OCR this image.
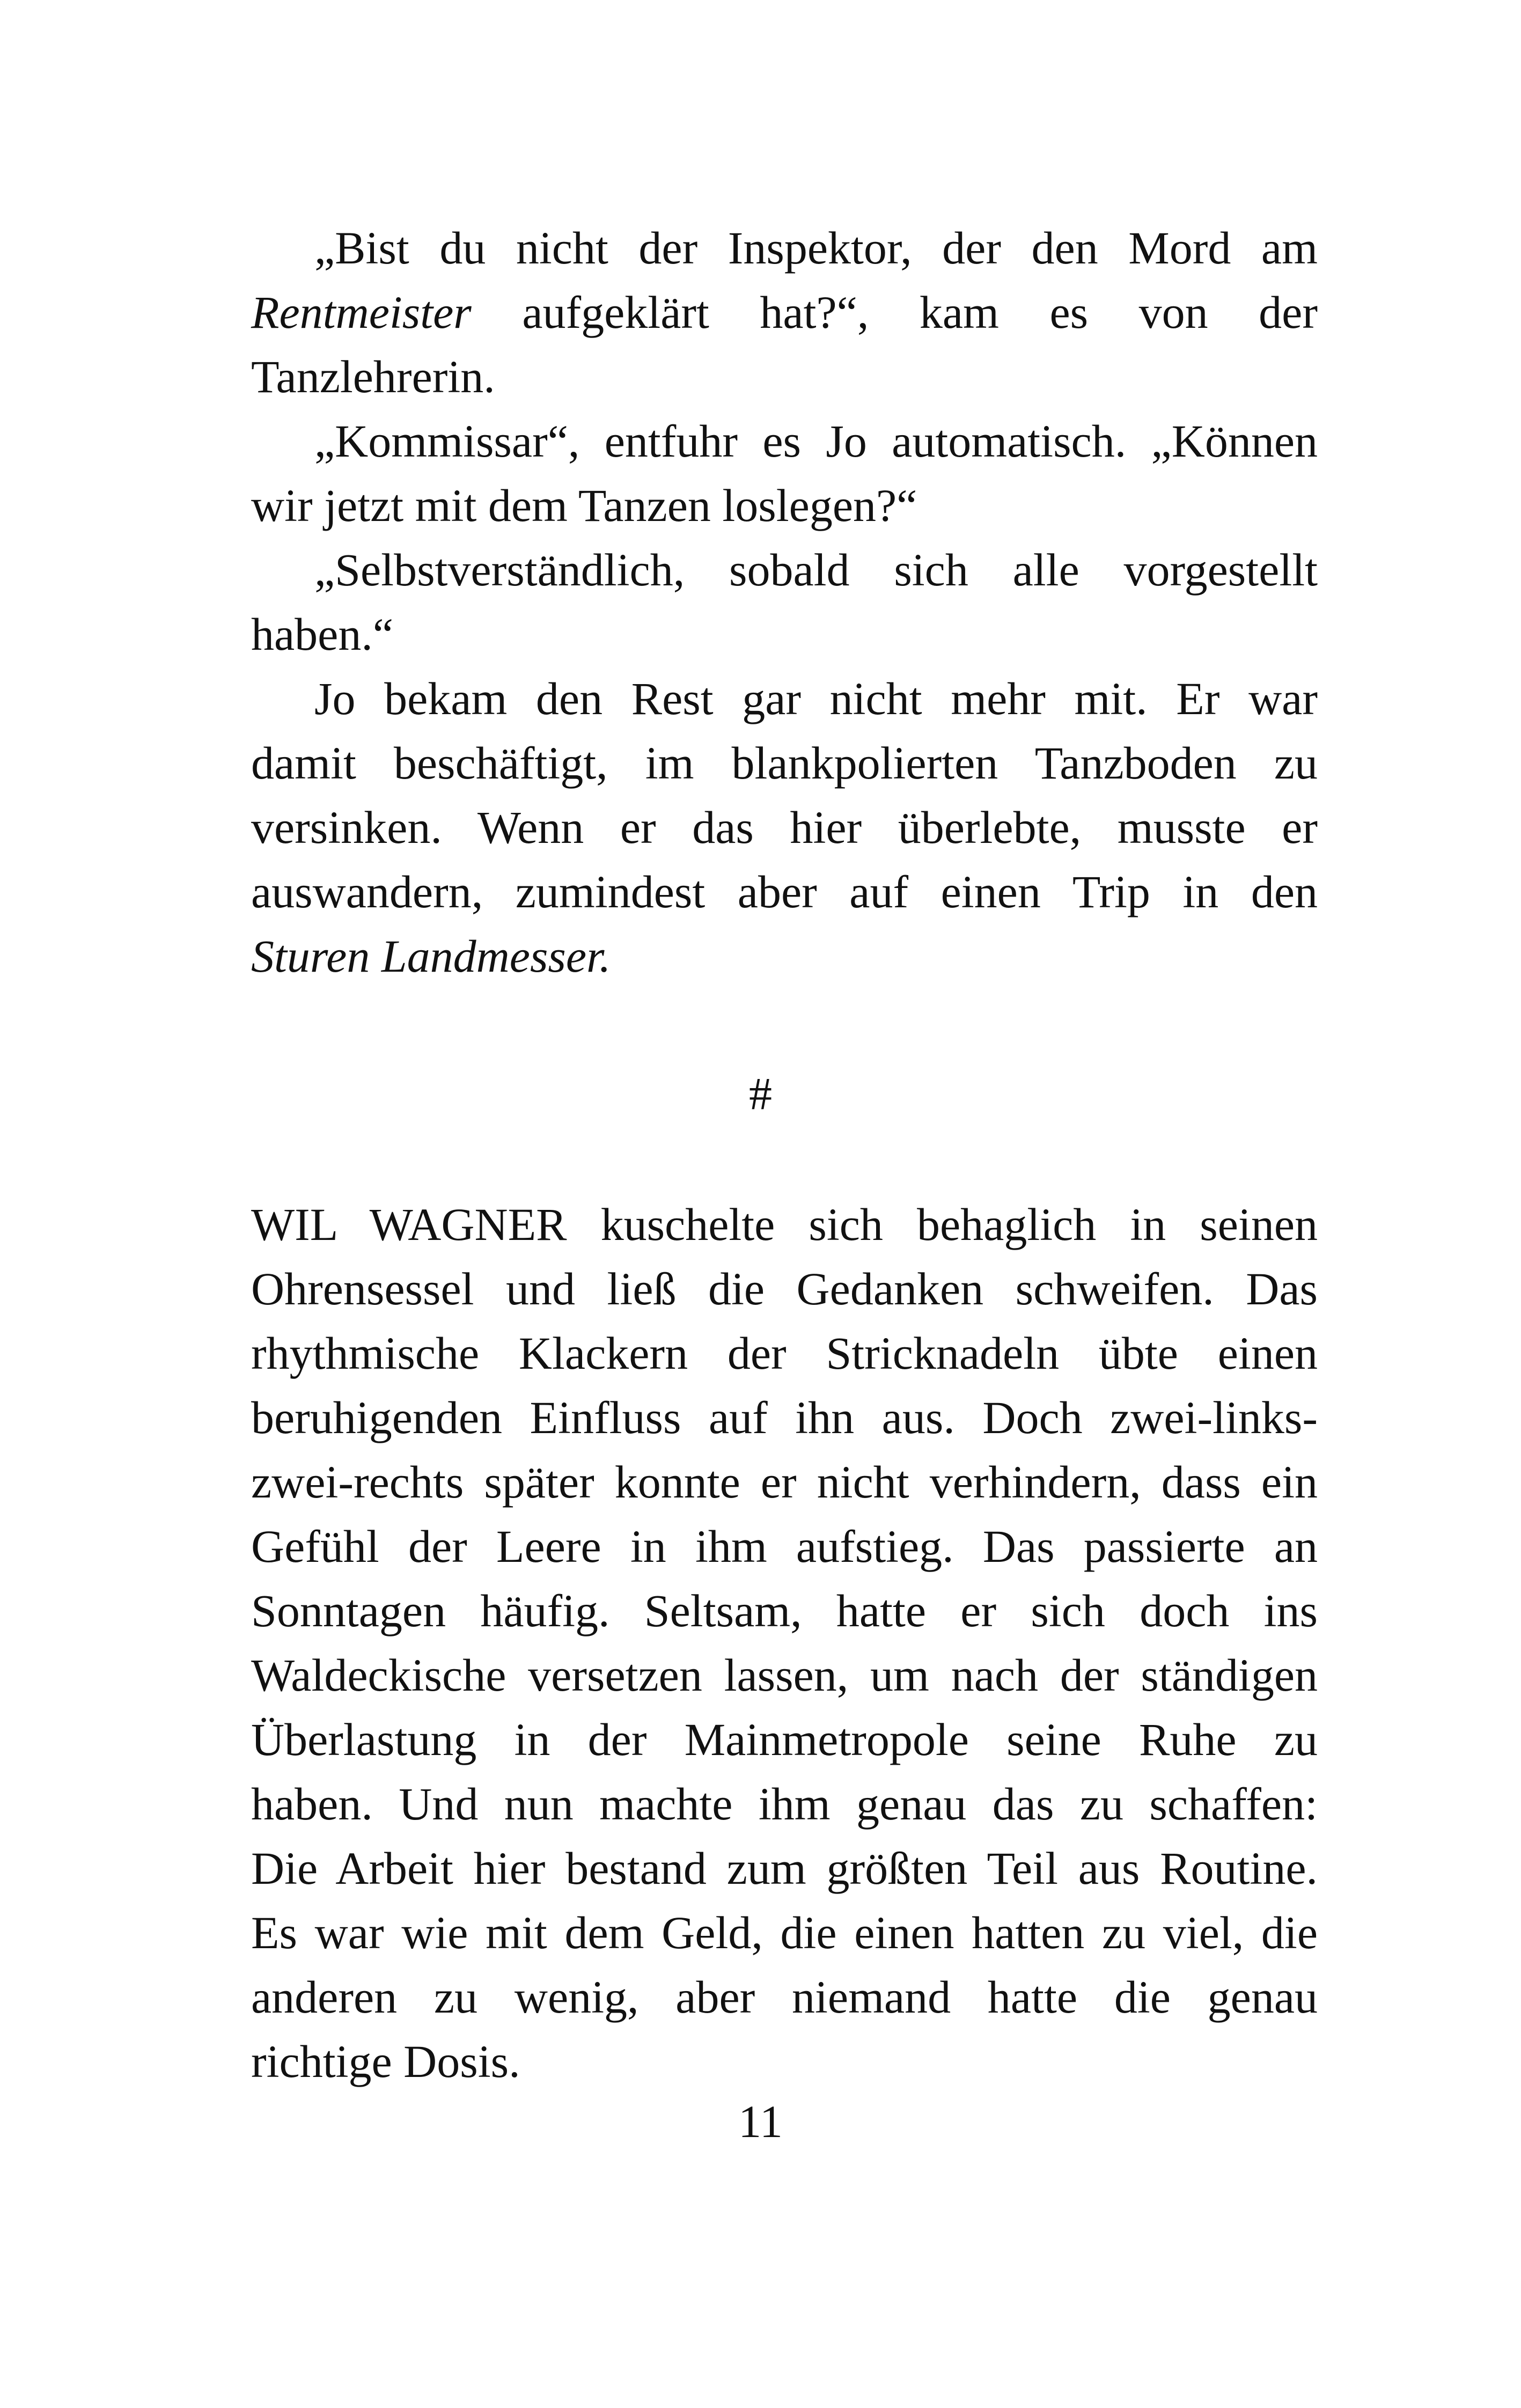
„Bist du nicht der Inspektor, der den Mord am
Rentmeister aufgeklärt hat?“, kam es von der
Tanzlehrerin.

„Kommissar“, entfuhr es Jo automatisch. „Können
wir jetzt mit dem Tanzen loslegen?“

„Selbstverständlich, sobald sich alle vorgestellt
haben.“

Jo bekam den Rest gar nicht mehr mit. Er war
damit beschäftigt, im blankpolierten Tanzboden zu
versinken. Wenn er das hier überlebte, musste er
auswandern, zumindest aber auf einen Trip in den
Sturen Landmesser.

#

WIL WAGNER kuschelte sich behaglich in seinen
Ohrensessel und ließ die Gedanken schweifen. Das
rhythmische Klackern der Stricknadeln übte einen
beruhigenden Einfluss auf ihn aus. Doch zwei-links-
zwei-rechts später konnte er nicht verhindern, dass ein
Gefühl der Leere in ihm aufstieg. Das passierte an
Sonntagen häufig. Seltsam, hatte er sich doch ins
Waldeckische versetzen lassen, um nach der ständigen
Überlastung in der Mainmetropole seine Ruhe zu
haben. Und nun machte ihm genau das zu schaffen:
Die Arbeit hier bestand zum größten Teil aus Routine.
Es war wie mit dem Geld, die einen hatten zu viel, die
anderen zu wenig, aber niemand hatte die genau
richtige Dosis.

11
